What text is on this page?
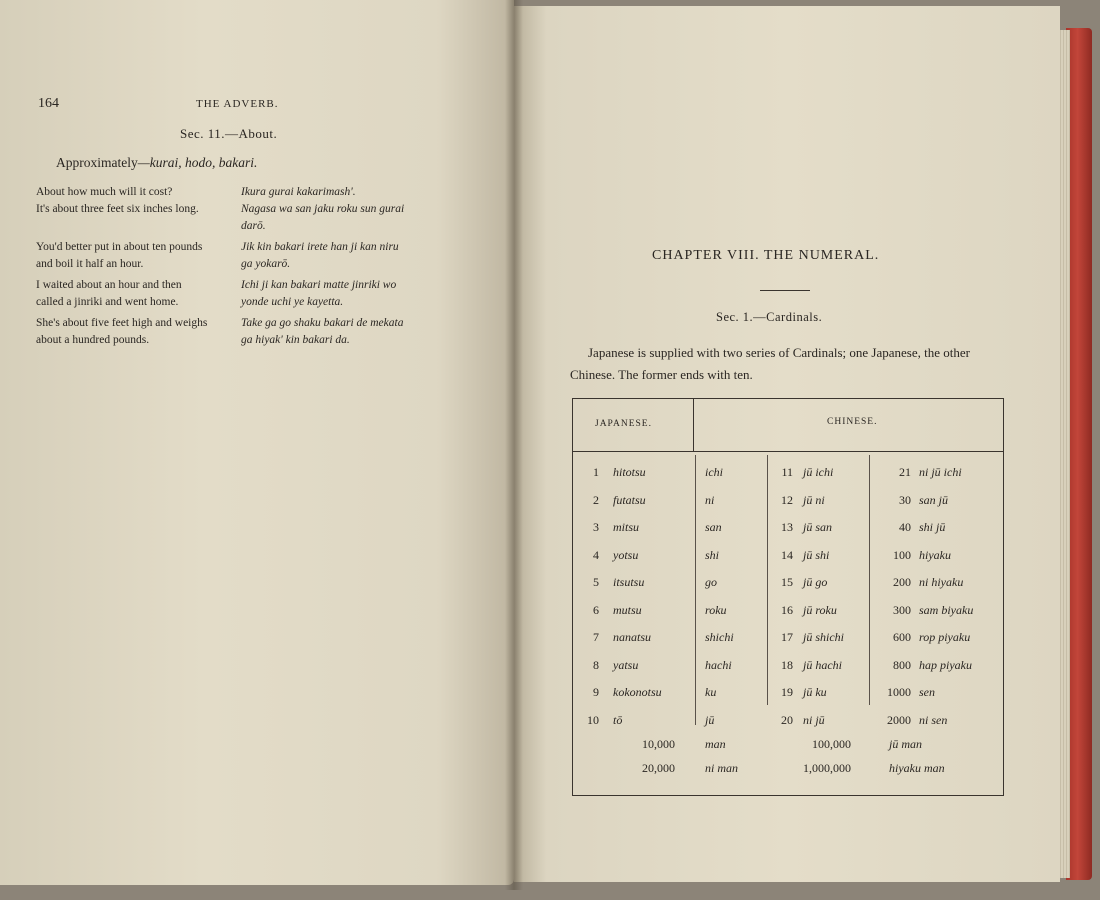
164	THE ADVERB.
Sec. 11.—About.
Approximately—kurai, hodo, bakari.
About how much will it cost?	Ikura gurai kakarimash'.
It's about three feet six inches long.	Nagasa wa san jaku roku sun gurai
darō.
You'd better put in about ten pounds	Jik kin bakari irete han ji kan niru
and boil it half an hour.	ga yokarō.
I waited about an hour and then	Ichi ji kan bakari matte jinriki wo
called a jinriki and went home.	yonde uchi ye kayetta.
She's about five feet high and weighs	Take ga go shaku bakari de mekata
about a hundred pounds.	ga hiyak' kin bakari da.
CHAPTER VIII. THE NUMERAL.
Sec. 1.—Cardinals.
Japanese is supplied with two series of Cardinals; one Japanese, the other Chinese. The former ends with ten.
JAPANESE.	CHINESE.
1 hitotsu	ichi	11 jū ichi	21 ni jū ichi
2 futatsu	ni	12 jū ni	30 san jū
3 mitsu	san	13 jū san	40 shi jū
4 yotsu	shi	14 jū shi	100 hiyaku
5 itsutsu	go	15 jū go	200 ni hiyaku
6 mutsu	roku	16 jū roku	300 sam biyaku
7 nanatsu	shichi	17 jū shichi	600 rop piyaku
8 yatsu	hachi	18 jū hachi	800 hap piyaku
9 kokonotsu	ku	19 jū ku	1000 sen
10 tō	jū	20 ni jū	2000 ni sen
10,000	man	100,000	jū man
20,000	ni man	1,000,000	hiyaku man
